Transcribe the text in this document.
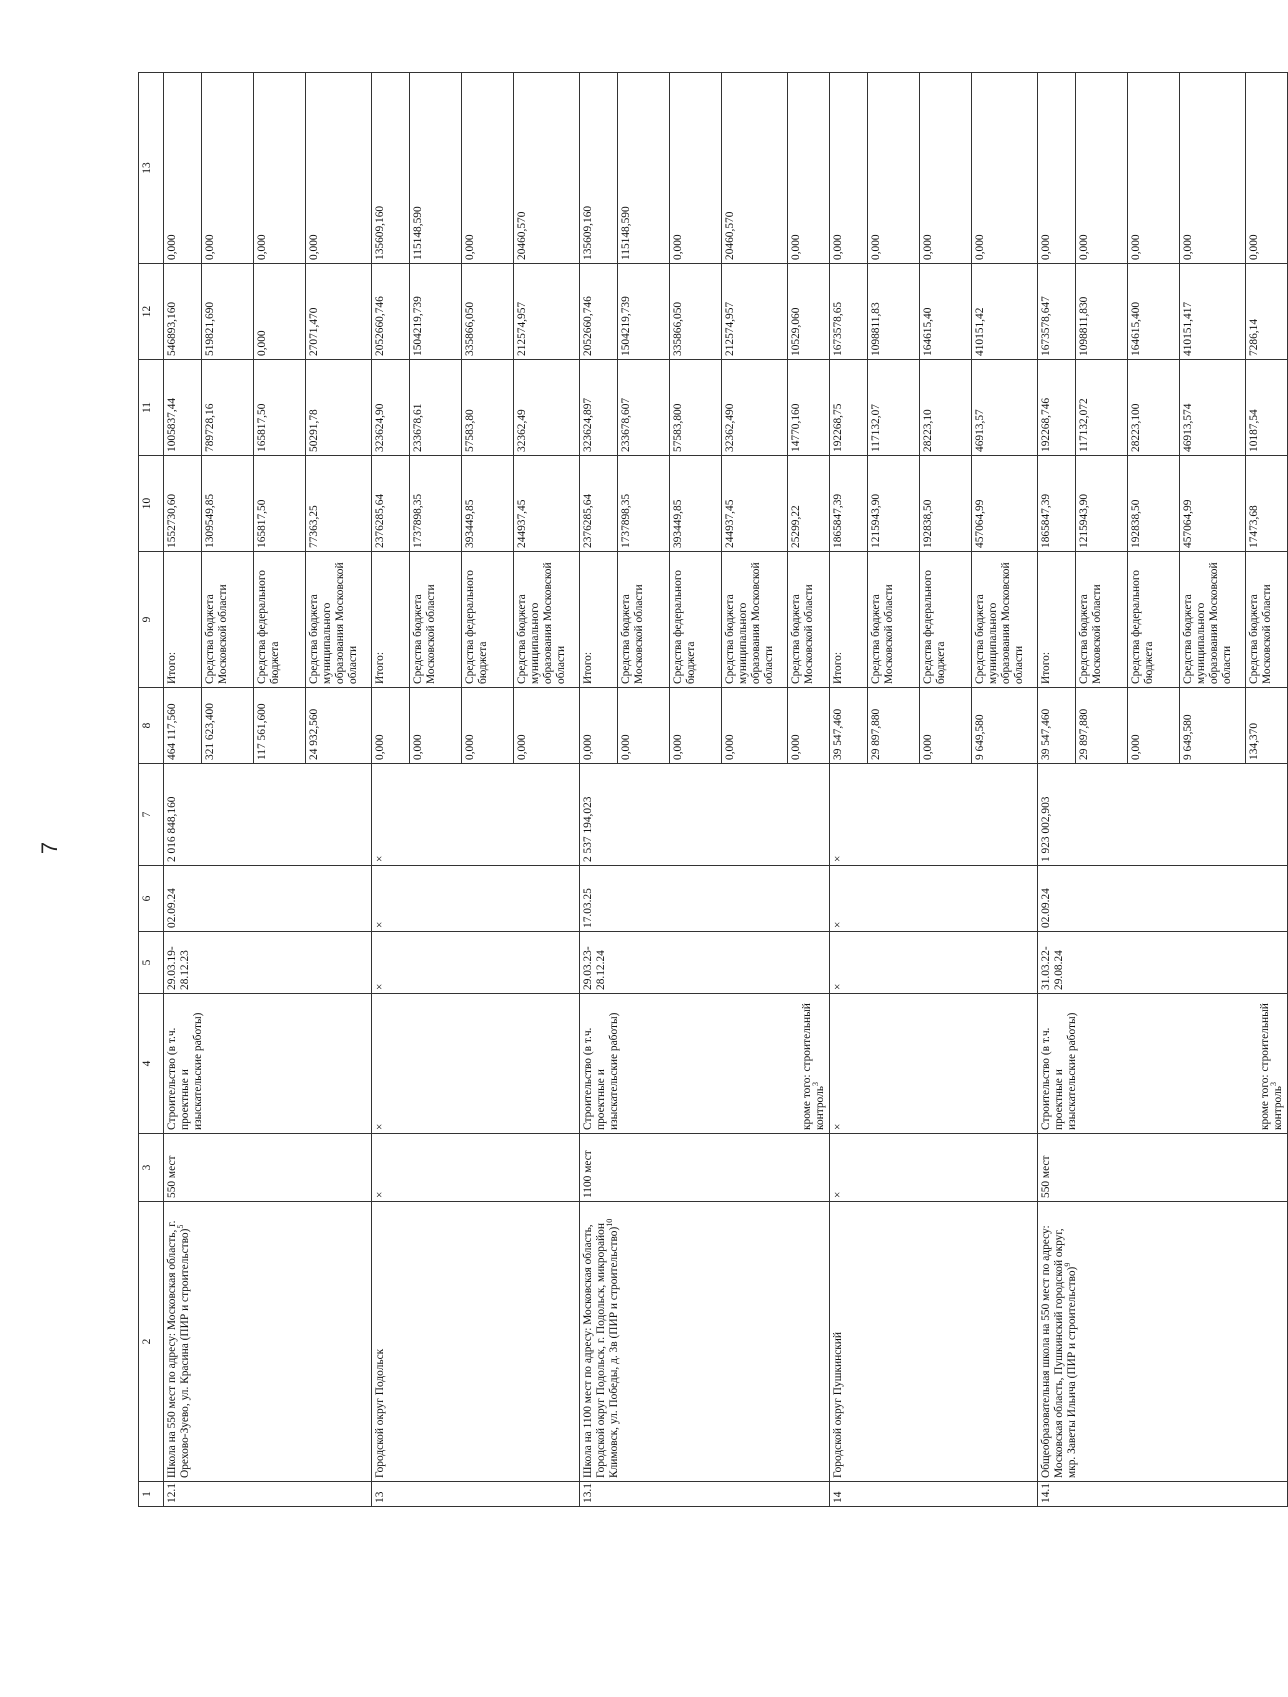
7
1	2	3	4	5	6	7	8	9	10	11	12	13
12.1	Школа на 550 мест по адресу: Московская область, г. Орехово-Зуево, ул. Красина (ПИР и строительство)$^5$	550 мест	Строительство (в т.ч. проектные и изыскательские работы)	29.03.19-28.12.23	02.09.24	2 016 848,160	464 117,560	Итого:	1552730,60	1005837,44	546893,160	0,000
							321 623,400	Средства бюджета Московской области	1309549,85	789728,16	519821,690	0,000
							117 561,600	Средства федерального бюджета	165817,50	165817,50	0,000	0,000
							24 932,560	Средства бюджета муниципального образования Московской области	77363,25	50291,78	27071,470	0,000
13	Городской округ Подольск	×	×	×	×	×	0,000	Итого:	2376285,64	323624,90	2052660,746	135609,160
							0,000	Средства бюджета Московской области	1737898,35	233678,61	1504219,739	115148,590
							0,000	Средства федерального бюджета	393449,85	57583,80	335866,050	0,000
							0,000	Средства бюджета муниципального образования Московской области	244937,45	32362,49	212574,957	20460,570
13.1	Школа на 1100 мест по адресу: Московская область, Городской округ Подольск, г. Подольск, микрорайон Климовск, ул. Победы, д. 3в (ПИР и строительство)$^{10}$	1100 мест	Строительство (в т.ч. проектные и изыскательские работы)	29.03.23-28.12.24	17.03.25	2 537 194,023	0,000	Итого:	2376285,64	323624,897	2052660,746	135609,160
							0,000	Средства бюджета Московской области	1737898,35	233678,607	1504219,739	115148,590
							0,000	Средства федерального бюджета	393449,85	57583,800	335866,050	0,000
							0,000	Средства бюджета муниципального образования Московской области	244937,45	32362,490	212574,957	20460,570
			кроме того: строительный контроль$^3$				0,000	Средства бюджета Московской области	25299,22	14770,160	10529,060	0,000
14	Городской округ Пушкинский	×	×	×	×	×	39 547,460	Итого:	1865847,39	192268,75	1673578,65	0,000
							29 897,880	Средства бюджета Московской области	1215943,90	117132,07	1098811,83	0,000
							0,000	Средства федерального бюджета	192838,50	28223,10	164615,40	0,000
							9 649,580	Средства бюджета муниципального образования Московской области	457064,99	46913,57	410151,42	0,000
14.1	Общеобразовательная школа на 550 мест по адресу: Московская область, Пушкинский городской округ, мкр. Заветы Ильича (ПИР и строительство)$^9$	550 мест	Строительство (в т.ч. проектные и изыскательские работы)	31.03.22-29.08.24	02.09.24	1 923 002,903	39 547,460	Итого:	1865847,39	192268,746	1673578,647	0,000
							29 897,880	Средства бюджета Московской области	1215943,90	117132,072	1098811,830	0,000
							0,000	Средства федерального бюджета	192838,50	28223,100	164615,400	0,000
							9 649,580	Средства бюджета муниципального образования Московской области	457064,99	46913,574	410151,417	0,000
			кроме того: строительный контроль$^3$				134,370	Средства бюджета Московской области	17473,68	10187,54	7286,14	0,000
